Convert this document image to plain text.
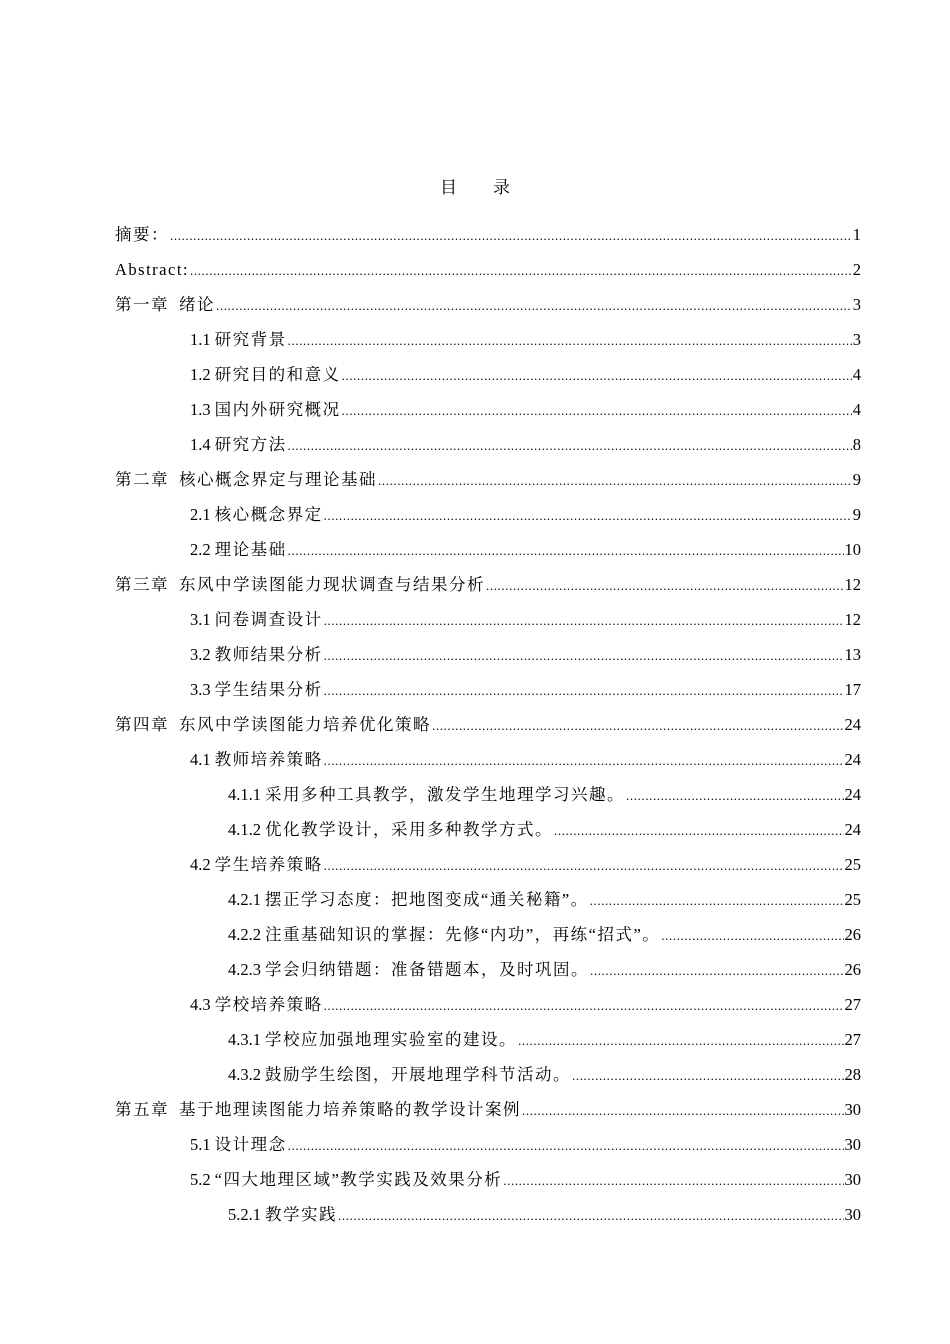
目 录
摘要： .....	1
Abstract: .....	2
第一章 绪论 .....	3
1.1 研究背景 .....	3
1.2 研究目的和意义 .....	4
1.3 国内外研究概况 .....	4
1.4 研究方法 .....	8
第二章 核心概念界定与理论基础 .....	9
2.1 核心概念界定 .....	9
2.2 理论基础 .....	10
第三章 东风中学读图能力现状调查与结果分析 .....	12
3.1 问卷调查设计 .....	12
3.2 教师结果分析 .....	13
3.3 学生结果分析 .....	17
第四章 东风中学读图能力培养优化策略 .....	24
4.1 教师培养策略 .....	24
4.1.1 采用多种工具教学，激发学生地理学习兴趣。 .....	24
4.1.2 优化教学设计，采用多种教学方式。 .....	24
4.2 学生培养策略 .....	25
4.2.1 摆正学习态度：把地图变成“通关秘籍”。 .....	25
4.2.2 注重基础知识的掌握：先修“内功”，再练“招式”。 .....	26
4.2.3 学会归纳错题：准备错题本，及时巩固。 .....	26
4.3 学校培养策略 .....	27
4.3.1 学校应加强地理实验室的建设。 .....	27
4.3.2 鼓励学生绘图，开展地理学科节活动。 .....	28
第五章 基于地理读图能力培养策略的教学设计案例 .....	30
5.1 设计理念 .....	30
5.2 “四大地理区域”教学实践及效果分析 .....	30
5.2.1 教学实践 .....	30
